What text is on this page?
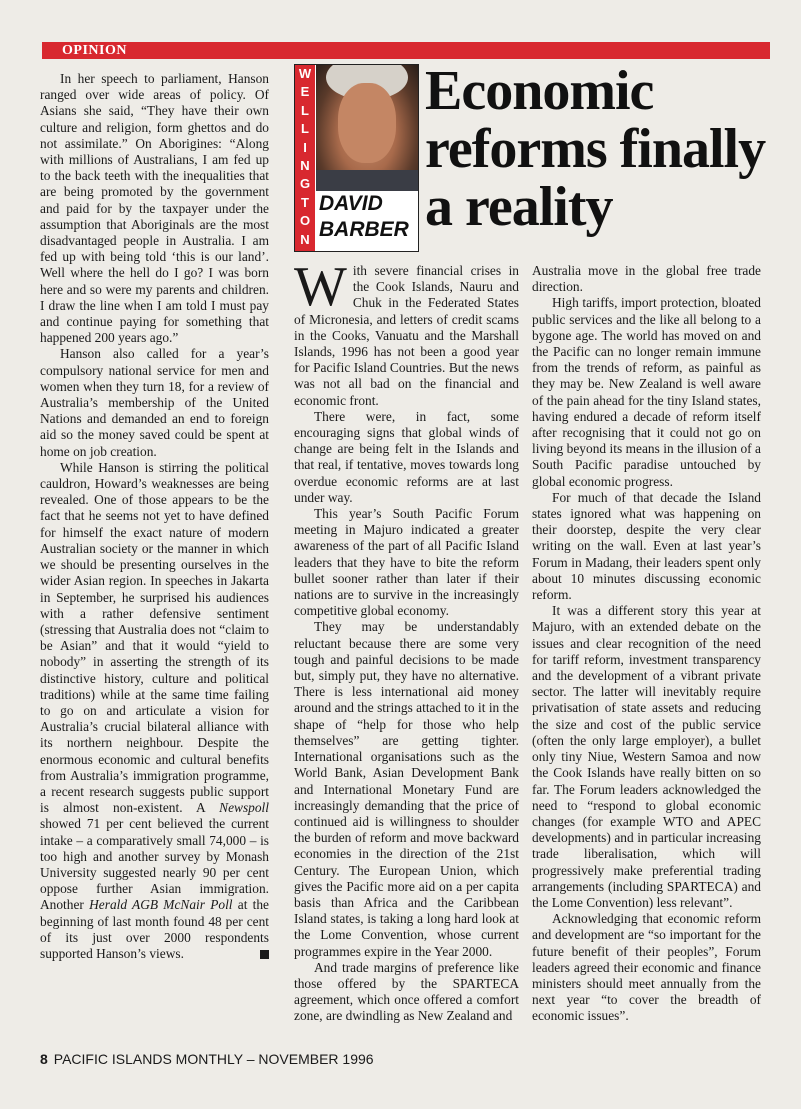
OPINION

In her speech to parliament, Hanson ranged over wide areas of policy. Of Asians she said, “They have their own culture and religion, form ghettos and do not assimilate.” On Aborigines: “Along with millions of Australians, I am fed up to the back teeth with the inequalities that are being promoted by the government and paid for by the taxpayer under the assumption that Aboriginals are the most disadvantaged people in Australia. I am fed up with being told ‘this is our land’. Well where the hell do I go? I was born here and so were my parents and children. I draw the line when I am told I must pay and continue paying for something that happened 200 years ago.”

Hanson also called for a year’s compulsory national service for men and women when they turn 18, for a review of Australia’s membership of the United Nations and demanded an end to foreign aid so the money saved could be spent at home on job creation.

While Hanson is stirring the political cauldron, Howard’s weaknesses are being revealed. One of those appears to be the fact that he seems not yet to have defined for himself the exact nature of modern Australian society or the manner in which we should be presenting ourselves in the wider Asian region. In speeches in Jakarta in September, he surprised his audiences with a rather defensive sentiment (stressing that Australia does not “claim to be Asian” and that it would “yield to nobody” in asserting the strength of its distinctive history, culture and political traditions) while at the same time failing to go on and articulate a vision for Australia’s crucial bilateral alliance with its northern neighbour. Despite the enormous economic and cultural benefits from Australia’s immigration programme, a recent research suggests public support is almost non-existent. A Newspoll showed 71 per cent believed the current intake – a comparatively small 74,000 – is too high and another survey by Monash University suggested nearly 90 per cent oppose further Asian immigration. Another Herald AGB McNair Poll at the beginning of last month found 48 per cent of its just over 2000 respondents supported Hanson’s views.

W
E
L
L
I
N
G
T
O
N
DAVID
BARBER
Economic
reforms finally
a reality

With severe financial crises in the Cook Islands, Nauru and Chuk in the Federated States of Micronesia, and letters of credit scams in the Cooks, Vanuatu and the Marshall Islands, 1996 has not been a good year for Pacific Island Countries. But the news was not all bad on the financial and economic front.

There were, in fact, some encouraging signs that global winds of change are being felt in the Islands and that real, if tentative, moves towards long overdue economic reforms are at last under way.

This year’s South Pacific Forum meeting in Majuro indicated a greater awareness of the part of all Pacific Island leaders that they have to bite the reform bullet sooner rather than later if their nations are to survive in the increasingly competitive global economy.

They may be understandably reluctant because there are some very tough and painful decisions to be made but, simply put, they have no alternative. There is less international aid money around and the strings attached to it in the shape of “help for those who help themselves” are getting tighter. International organisations such as the World Bank, Asian Development Bank and International Monetary Fund are increasingly demanding that the price of continued aid is willingness to shoulder the burden of reform and move backward economies in the direction of the 21st Century. The European Union, which gives the Pacific more aid on a per capita basis than Africa and the Caribbean Island states, is taking a long hard look at the Lome Convention, whose current programmes expire in the Year 2000.

And trade margins of preference like those offered by the SPARTECA agreement, which once offered a comfort zone, are dwindling as New Zealand and

Australia move in the global free trade direction.

High tariffs, import protection, bloated public services and the like all belong to a bygone age. The world has moved on and the Pacific can no longer remain immune from the trends of reform, as painful as they may be. New Zealand is well aware of the pain ahead for the tiny Island states, having endured a decade of reform itself after recognising that it could not go on living beyond its means in the illusion of a South Pacific paradise untouched by global economic progress.

For much of that decade the Island states ignored what was happening on their doorstep, despite the very clear writing on the wall. Even at last year’s Forum in Madang, their leaders spent only about 10 minutes discussing economic reform.

It was a different story this year at Majuro, with an extended debate on the issues and clear recognition of the need for tariff reform, investment transparency and the development of a vibrant private sector. The latter will inevitably require privatisation of state assets and reducing the size and cost of the public service (often the only large employer), a bullet only tiny Niue, Western Samoa and now the Cook Islands have really bitten on so far. The Forum leaders acknowledged the need to “respond to global economic changes (for example WTO and APEC developments) and in particular increasing trade liberalisation, which will progressively make preferential trading arrangements (including SPARTECA) and the Lome Convention) less relevant”.

Acknowledging that economic reform and development are “so important for the future benefit of their peoples”, Forum leaders agreed their economic and finance ministers should meet annually from the next year “to cover the breadth of economic issues”.

8 PACIFIC ISLANDS MONTHLY – NOVEMBER 1996
